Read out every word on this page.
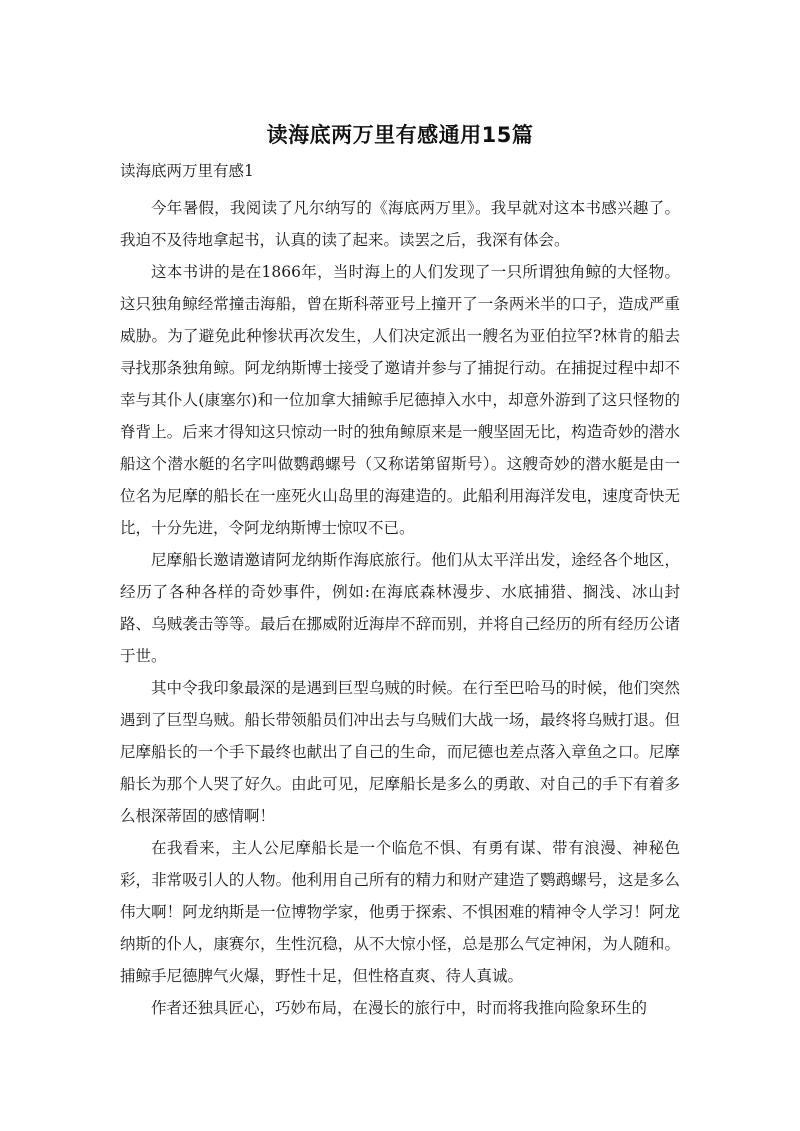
读海底两万里有感通用15篇
读海底两万里有感1

今年暑假，我阅读了凡尔纳写的《海底两万里》。我早就对这本书感兴趣了。我迫不及待地拿起书，认真的读了起来。读罢之后，我深有体会。

这本书讲的是在1866年，当时海上的人们发现了一只所谓独角鲸的大怪物。这只独角鲸经常撞击海船，曾在斯科蒂亚号上撞开了一条两米半的口子，造成严重威胁。为了避免此种惨状再次发生，人们决定派出一艘名为亚伯拉罕?林肯的船去寻找那条独角鲸。阿龙纳斯博士接受了邀请并参与了捕捉行动。在捕捉过程中却不幸与其仆人(康塞尔)和一位加拿大捕鲸手尼德掉入水中，却意外游到了这只怪物的脊背上。后来才得知这只惊动一时的独角鲸原来是一艘坚固无比，构造奇妙的潜水船这个潜水艇的名字叫做鹦鹉螺号（又称诺第留斯号）。这艘奇妙的潜水艇是由一位名为尼摩的船长在一座死火山岛里的海建造的。此船利用海洋发电，速度奇快无比，十分先进，令阿龙纳斯博士惊叹不已。

尼摩船长邀请邀请阿龙纳斯作海底旅行。他们从太平洋出发，途经各个地区，经历了各种各样的奇妙事件，例如:在海底森林漫步、水底捕猎、搁浅、冰山封路、乌贼袭击等等。最后在挪威附近海岸不辞而别，并将自己经历的所有经历公诸于世。

其中令我印象最深的是遇到巨型乌贼的时候。在行至巴哈马的时候，他们突然遇到了巨型乌贼。船长带领船员们冲出去与乌贼们大战一场，最终将乌贼打退。但尼摩船长的一个手下最终也献出了自己的生命，而尼德也差点落入章鱼之口。尼摩船长为那个人哭了好久。由此可见，尼摩船长是多么的勇敢、对自己的手下有着多么根深蒂固的感情啊！

在我看来，主人公尼摩船长是一个临危不惧、有勇有谋、带有浪漫、神秘色彩，非常吸引人的人物。他利用自己所有的精力和财产建造了鹦鹉螺号，这是多么伟大啊！阿龙纳斯是一位博物学家，他勇于探索、不惧困难的精神令人学习！阿龙纳斯的仆人，康赛尔，生性沉稳，从不大惊小怪，总是那么气定神闲，为人随和。捕鲸手尼德脾气火爆，野性十足，但性格直爽、待人真诚。

作者还独具匠心，巧妙布局，在漫长的旅行中，时而将我推向险象环生的
